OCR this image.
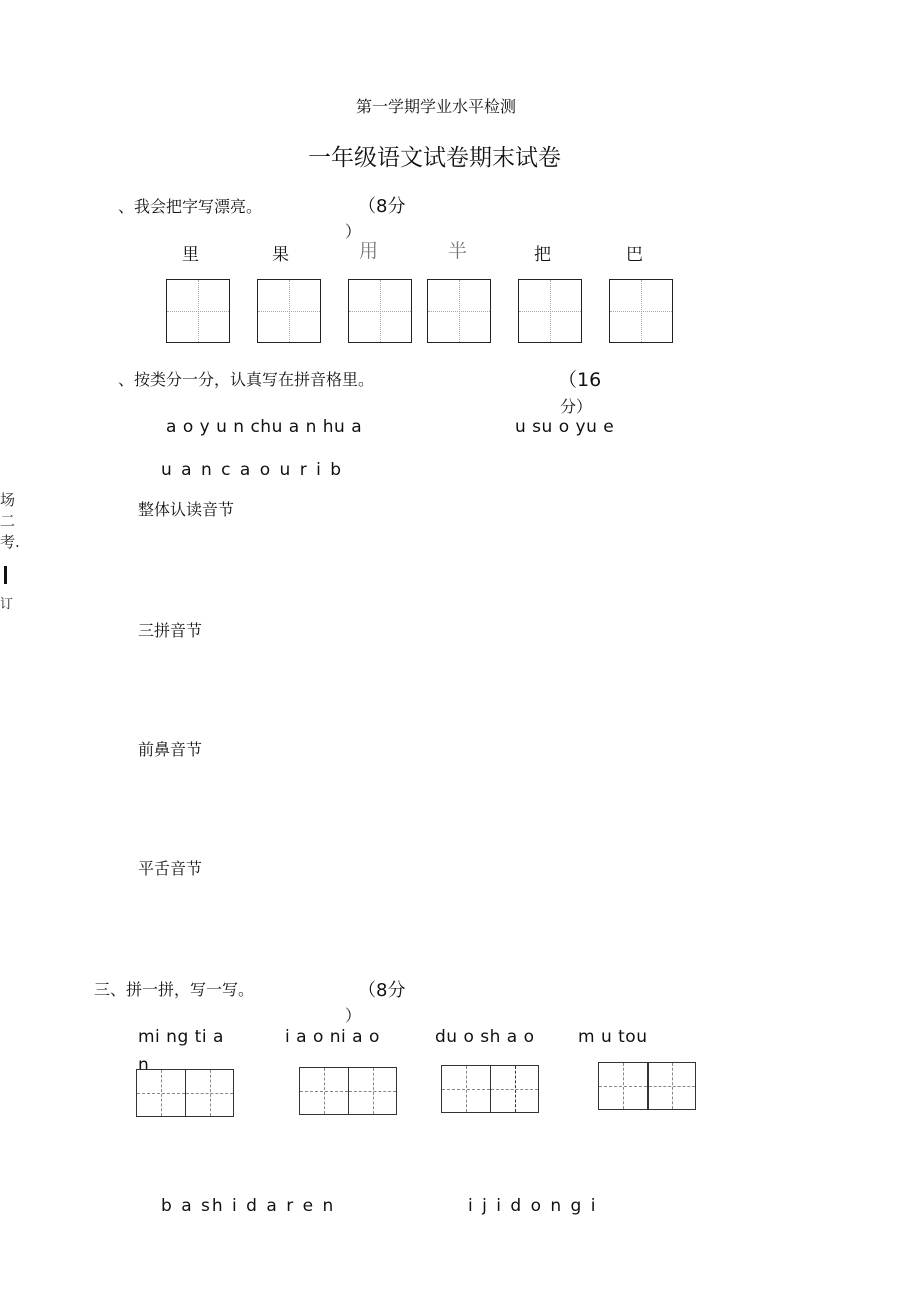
第一学期学业水平检测
一年级语文试卷期末试卷
场
二
考.
订
、我会把字写漂亮。	（8分
）
里	果	用	半	把	巴
、按类分一分，认真写在拼音格里。	（16
分）
a o y u n chu a n hu a	u su o yu e
u a n c a o u r i b
整体认读音节
三拼音节
前鼻音节
平舌音节
三、拼一拼，写一写。	（8分
）
mi ng ti a
n
i a o ni a o	du o sh a o	m u tou
b a sh i d a r e n	i j i d o n g i
